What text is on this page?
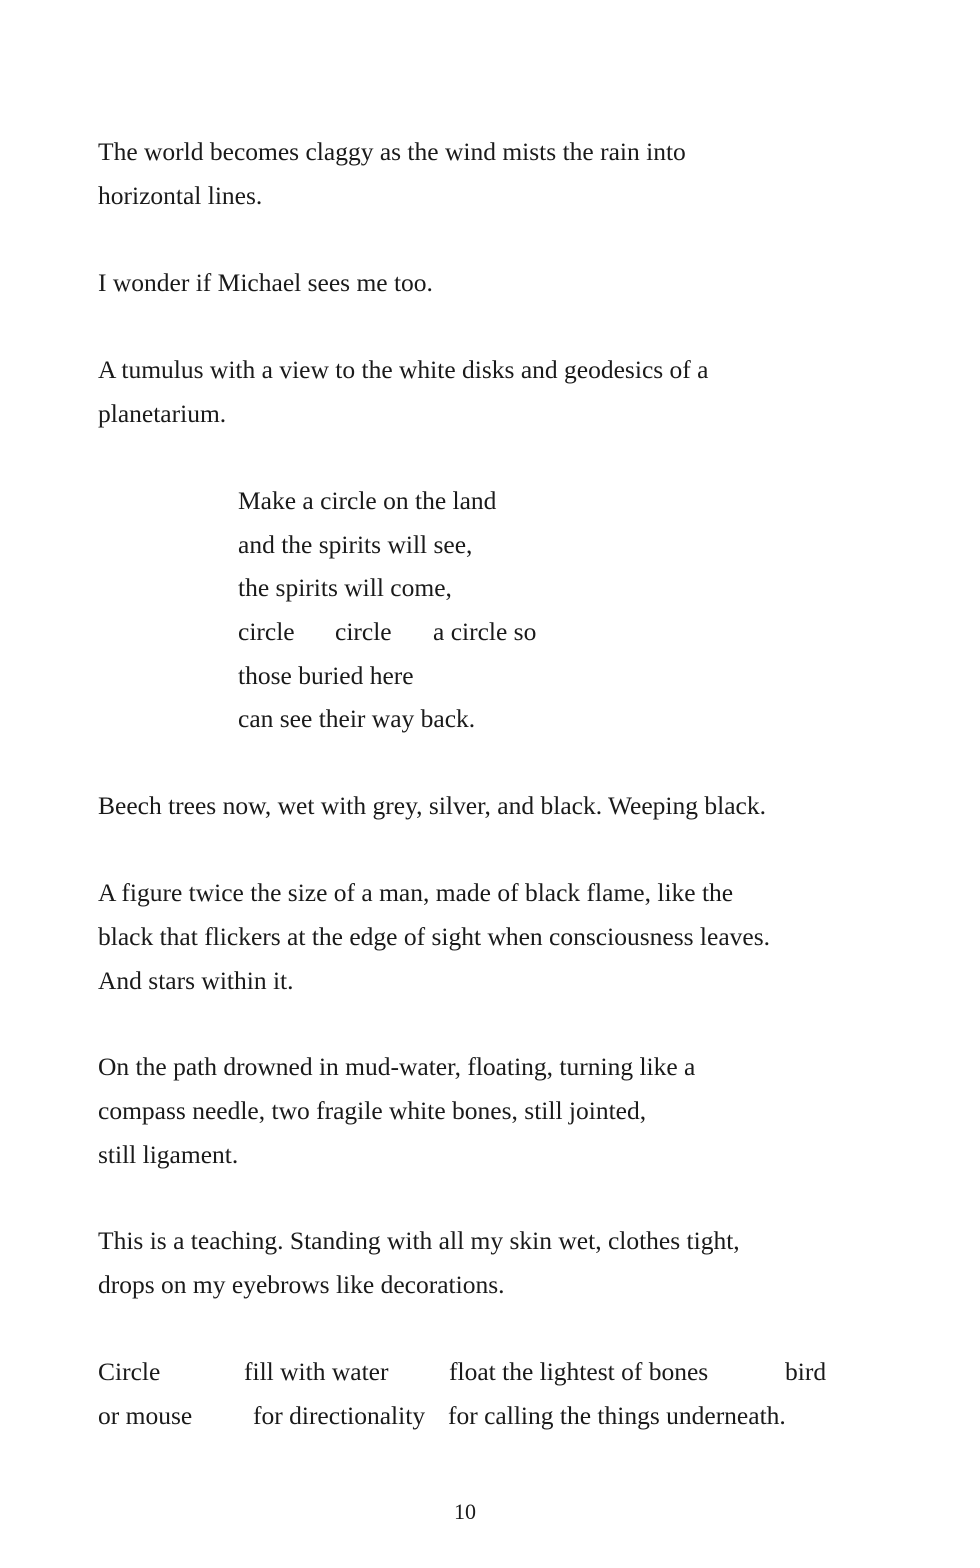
The world becomes claggy as the wind mists the rain into
horizontal lines.

I wonder if Michael sees me too.

A tumulus with a view to the white disks and geodesics of a
planetarium.

Make a circle on the land
and the spirits will see,
the spirits will come,
circle circle a circle so
those buried here
can see their way back.

Beech trees now, wet with grey, silver, and black. Weeping black.

A figure twice the size of a man, made of black flame, like the
black that flickers at the edge of sight when consciousness leaves.
And stars within it.

On the path drowned in mud-water, floating, turning like a
compass needle, two fragile white bones, still jointed,
still ligament.

This is a teaching. Standing with all my skin wet, clothes tight,
drops on my eyebrows like decorations.

Circle	fill with water float the lightest of bones	bird
or mouse for directionality for calling the things underneath.
10
